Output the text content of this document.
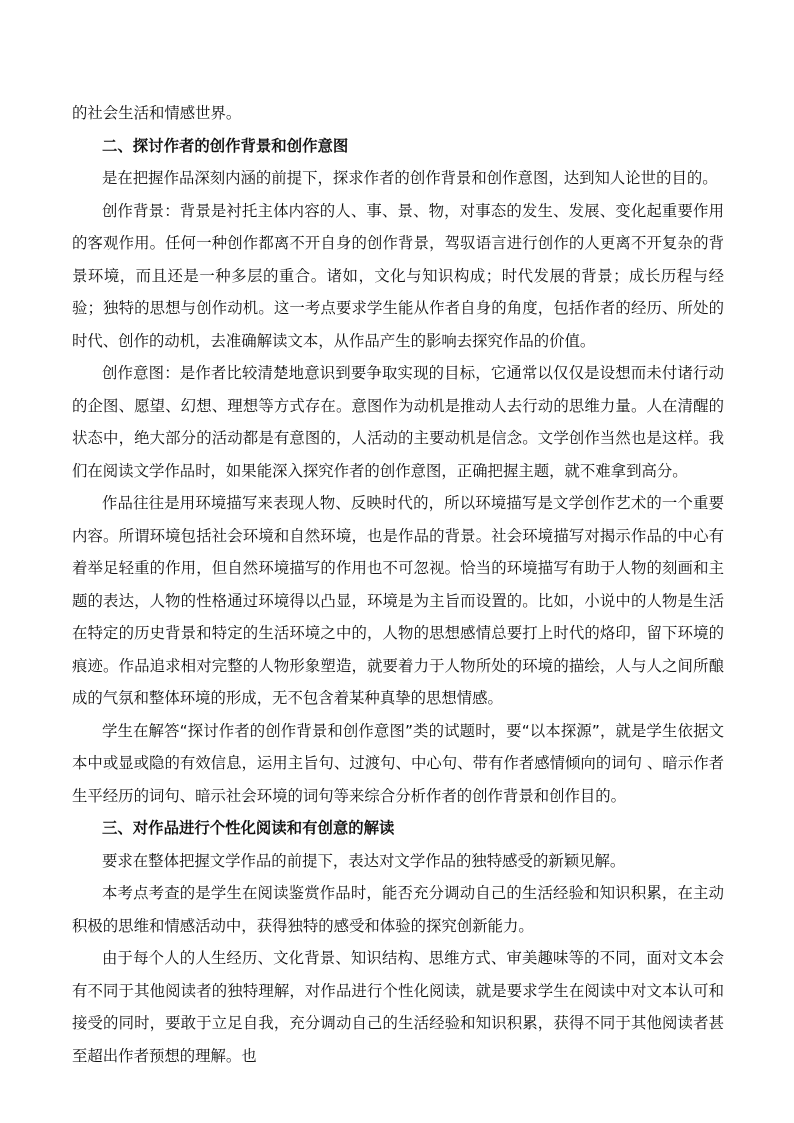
的社会生活和情感世界。

二、探讨作者的创作背景和创作意图

是在把握作品深刻内涵的前提下，探求作者的创作背景和创作意图，达到知人论世的目的。

创作背景：背景是衬托主体内容的人、事、景、物，对事态的发生、发展、变化起重要作用的客观作用。任何一种创作都离不开自身的创作背景，驾驭语言进行创作的人更离不开复杂的背景环境，而且还是一种多层的重合。诸如，文化与知识构成；时代发展的背景；成长历程与经验；独特的思想与创作动机。这一考点要求学生能从作者自身的角度，包括作者的经历、所处的时代、创作的动机，去准确解读文本，从作品产生的影响去探究作品的价值。

创作意图：是作者比较清楚地意识到要争取实现的目标，它通常以仅仅是设想而未付诸行动的企图、愿望、幻想、理想等方式存在。意图作为动机是推动人去行动的思维力量。人在清醒的状态中，绝大部分的活动都是有意图的，人活动的主要动机是信念。文学创作当然也是这样。我们在阅读文学作品时，如果能深入探究作者的创作意图，正确把握主题，就不难拿到高分。

作品往往是用环境描写来表现人物、反映时代的，所以环境描写是文学创作艺术的一个重要内容。所谓环境包括社会环境和自然环境，也是作品的背景。社会环境描写对揭示作品的中心有着举足轻重的作用，但自然环境描写的作用也不可忽视。恰当的环境描写有助于人物的刻画和主题的表达，人物的性格通过环境得以凸显，环境是为主旨而设置的。比如，小说中的人物是生活在特定的历史背景和特定的生活环境之中的，人物的思想感情总要打上时代的烙印，留下环境的痕迹。作品追求相对完整的人物形象塑造，就要着力于人物所处的环境的描绘，人与人之间所酿成的气氛和整体环境的形成，无不包含着某种真挚的思想情感。

学生在解答“探讨作者的创作背景和创作意图”类的试题时，要“以本探源”，就是学生依据文本中或显或隐的有效信息，运用主旨句、过渡句、中心句、带有作者感情倾向的词句 、暗示作者生平经历的词句、暗示社会环境的词句等来综合分析作者的创作背景和创作目的。

三、对作品进行个性化阅读和有创意的解读

要求在整体把握文学作品的前提下，表达对文学作品的独特感受的新颖见解。

本考点考查的是学生在阅读鉴赏作品时，能否充分调动自己的生活经验和知识积累，在主动积极的思维和情感活动中，获得独特的感受和体验的探究创新能力。

由于每个人的人生经历、文化背景、知识结构、思维方式、审美趣味等的不同，面对文本会有不同于其他阅读者的独特理解，对作品进行个性化阅读，就是要求学生在阅读中对文本认可和接受的同时，要敢于立足自我，充分调动自己的生活经验和知识积累，获得不同于其他阅读者甚至超出作者预想的理解。也
